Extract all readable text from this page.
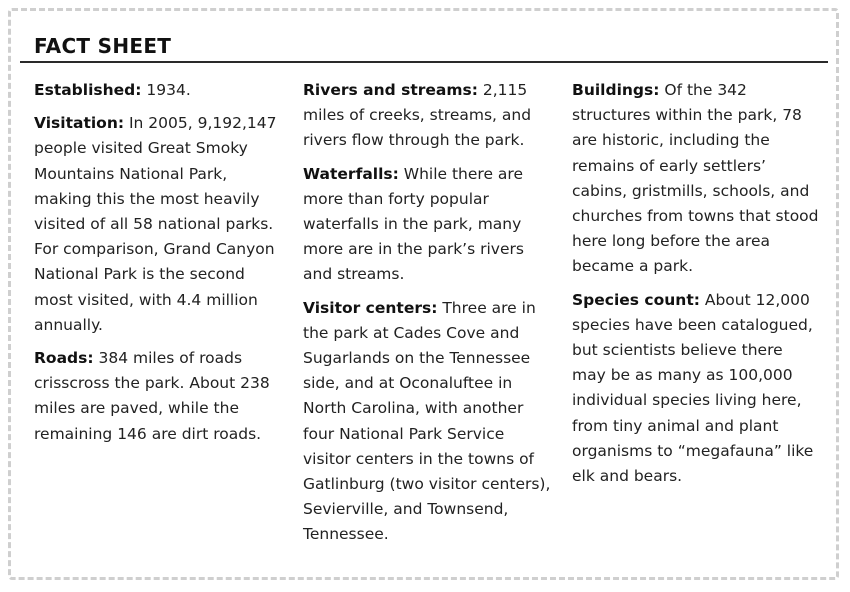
FACT SHEET

Established: 1934.

Visitation: In 2005, 9,192,147 people visited Great Smoky Mountains National Park, making this the most heavily visited of all 58 national parks. For comparison, Grand Canyon National Park is the second most visited, with 4.4 million annually.

Roads: 384 miles of roads crisscross the park. About 238 miles are paved, while the remaining 146 are dirt roads.

Rivers and streams: 2,115 miles of creeks, streams, and rivers flow through the park.

Waterfalls: While there are more than forty popular waterfalls in the park, many more are in the park’s rivers and streams.

Visitor centers: Three are in the park at Cades Cove and Sugarlands on the Tennessee side, and at Oconaluftee in North Carolina, with another four National Park Service visitor centers in the towns of Gatlinburg (two visitor centers), Sevierville, and Townsend, Tennessee.

Buildings: Of the 342 structures within the park, 78 are historic, including the remains of early settlers’ cabins, gristmills, schools, and churches from towns that stood here long before the area became a park.

Species count: About 12,000 species have been catalogued, but scientists believe there may be as many as 100,000 individual species living here, from tiny animal and plant organisms to “megafauna” like elk and bears.
